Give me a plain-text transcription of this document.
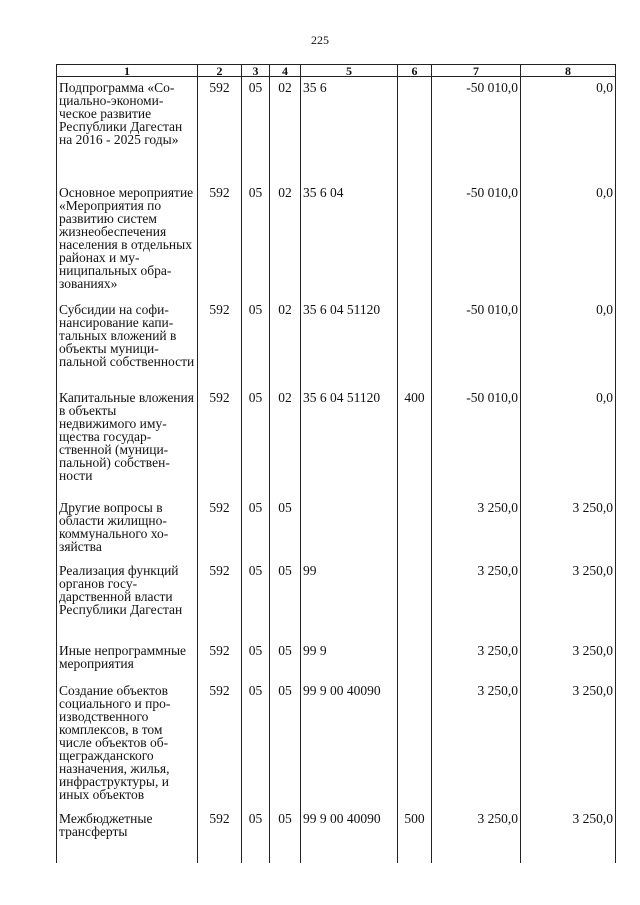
225
1	2	3	4	5	6	7	8

Подпрограмма «Социально-экономическое развитие Республики Дагестан на 2016 - 2025 годы»	592	05	02	35 6		-50 010,0	0,0

Основное мероприятие «Мероприятия по развитию систем жизнеобеспечения населения в отдельных районах и муниципальных образованиях»	592	05	02	35 6 04		-50 010,0	0,0

Субсидии на софинансирование капитальных вложений в объекты муниципальной собственности	592	05	02	35 6 04 51120		-50 010,0	0,0

Капитальные вложения в объекты недвижимого имущества государственной (муниципальной) собственности	592	05	02	35 6 04 51120	400	-50 010,0	0,0

Другие вопросы в области жилищно-коммунального хозяйства	592	05	05			3 250,0	3 250,0

Реализация функций органов государственной власти Республики Дагестан	592	05	05	99		3 250,0	3 250,0

Иные непрограммные мероприятия	592	05	05	99 9		3 250,0	3 250,0

Создание объектов социального и производственного комплексов, в том числе объектов общегражданского назначения, жилья, инфраструктуры, и иных объектов	592	05	05	99 9 00 40090		3 250,0	3 250,0

Межбюджетные трансферты	592	05	05	99 9 00 40090	500	3 250,0	3 250,0
